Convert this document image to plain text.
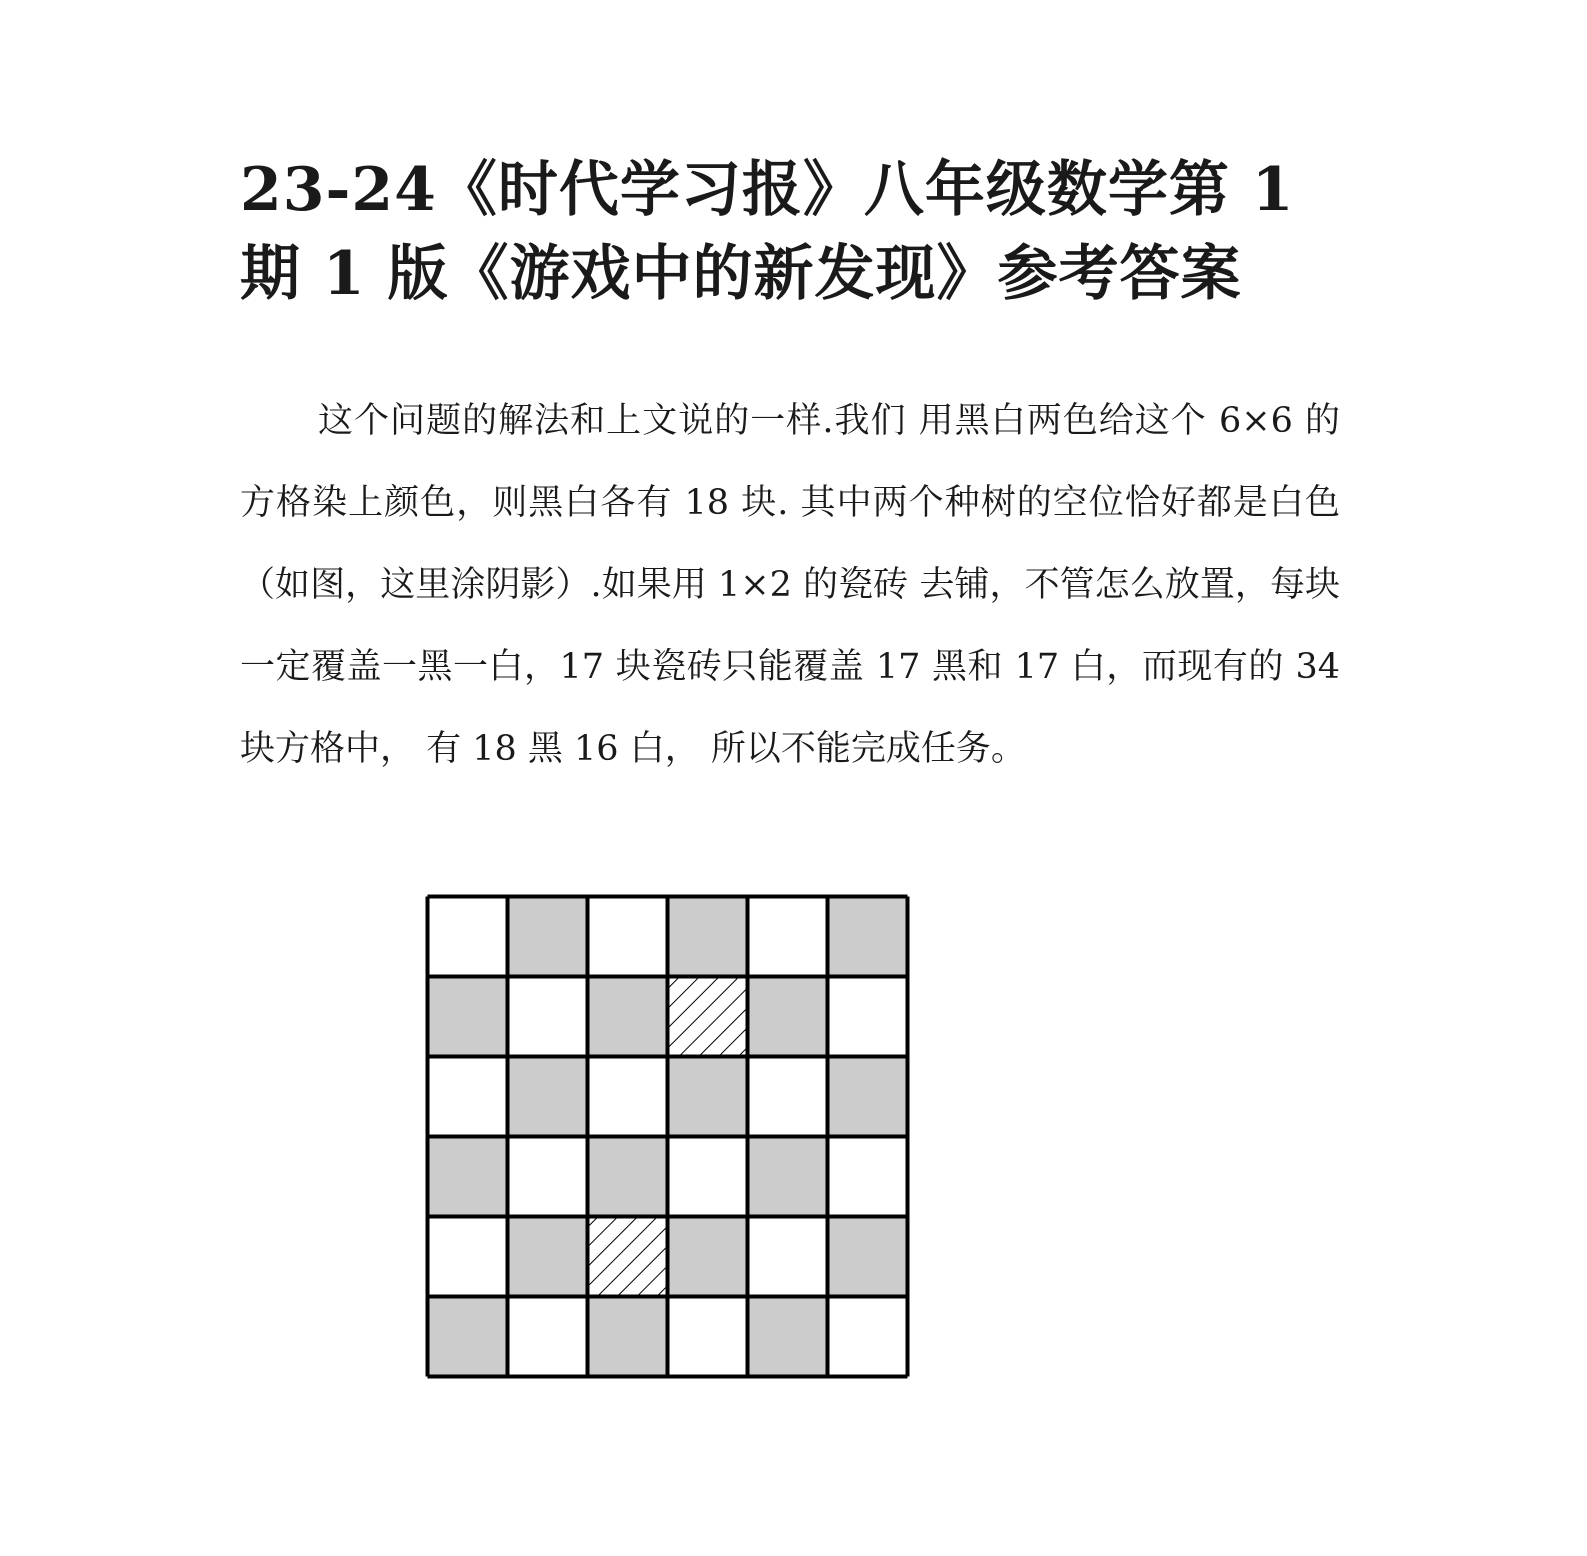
23-24《时代学习报》八年级数学第 1 期 1 版《游戏中的新发现》参考答案

这个问题的解法和上文说的一样.我们 用黑白两色给这个 6×6 的方格染上颜色，则黑白各有 18 块. 其中两个种树的空位恰好都是白色（如图，这里涂阴影）.如果用 1×2 的瓷砖 去铺，不管怎么放置，每块 一定覆盖一黑一白，17 块瓷砖只能覆盖 17 黑和 17 白，而现有的 34 块方格中， 有 18 黑 16 白， 所以不能完成任务。
